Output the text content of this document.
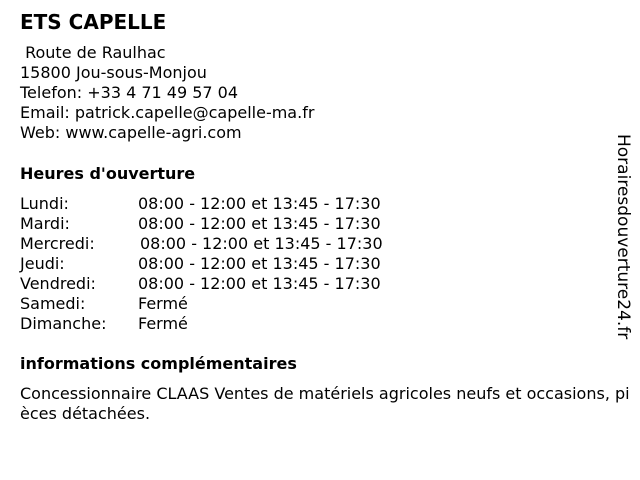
ETS CAPELLE
Route de Raulhac
15800 Jou-sous-Monjou
Telefon: +33 4 71 49 57 04
Email: patrick.capelle@capelle-ma.fr
Web: www.capelle-agri.com
Heures d'ouverture
Lundi:	08:00 - 12:00 et 13:45 - 17:30
Mardi:	08:00 - 12:00 et 13:45 - 17:30
Mercredi:	08:00 - 12:00 et 13:45 - 17:30
Jeudi:	08:00 - 12:00 et 13:45 - 17:30
Vendredi:	08:00 - 12:00 et 13:45 - 17:30
Samedi:	Fermé
Dimanche: Fermé
informations complémentaires
Concessionnaire CLAAS Ventes de matériels agricoles neufs et occasions, pièces détachées.
Horairesdouverture24.fr
